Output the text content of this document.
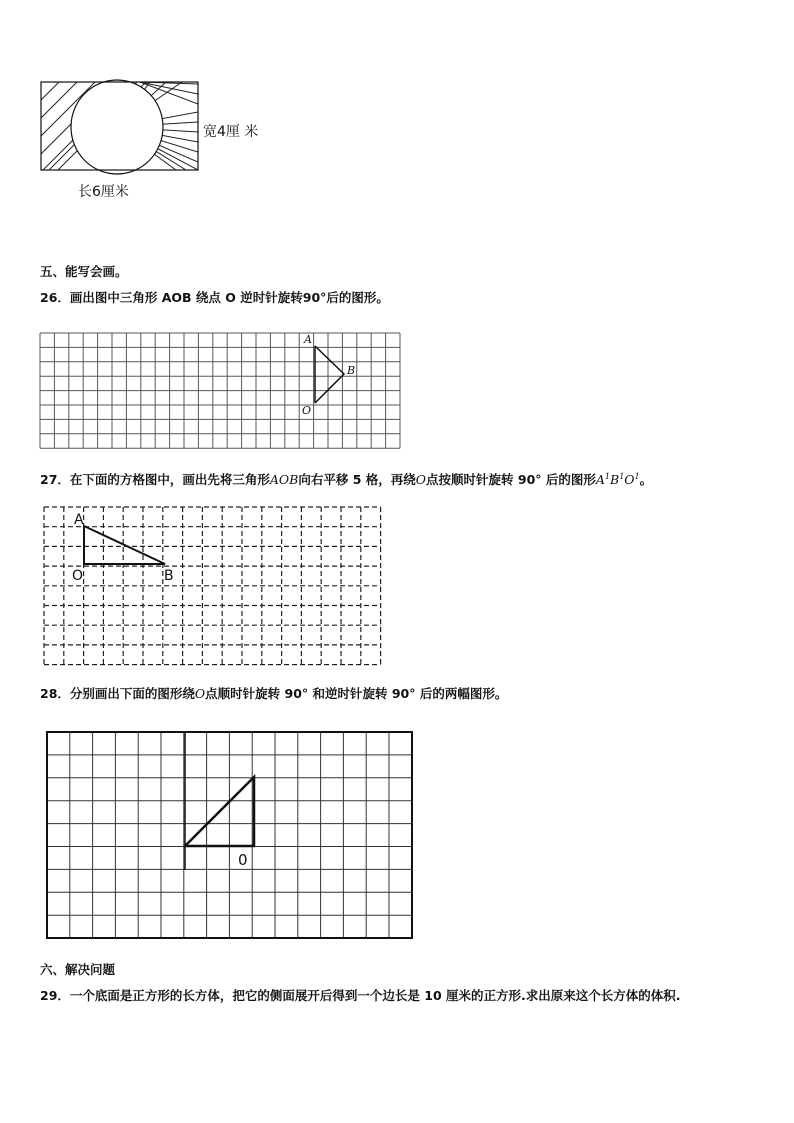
宽4厘 米
长6厘米
五、能写会画。
26．画出图中三角形 AOB 绕点 O 逆时针旋转90°后的图形。
A
B
O
27．在下面的方格图中，画出先将三角形AOB向右平移 5 格，再绕O点按顺时针旋转 90° 后的图形$A^1B^1O^1$。
A
O	B
28．分别画出下面的图形绕O点顺时针旋转 90° 和逆时针旋转 90° 后的两幅图形。
0
六、解决问题
29．一个底面是正方形的长方体，把它的侧面展开后得到一个边长是 10 厘米的正方形.求出原来这个长方体的体积.
